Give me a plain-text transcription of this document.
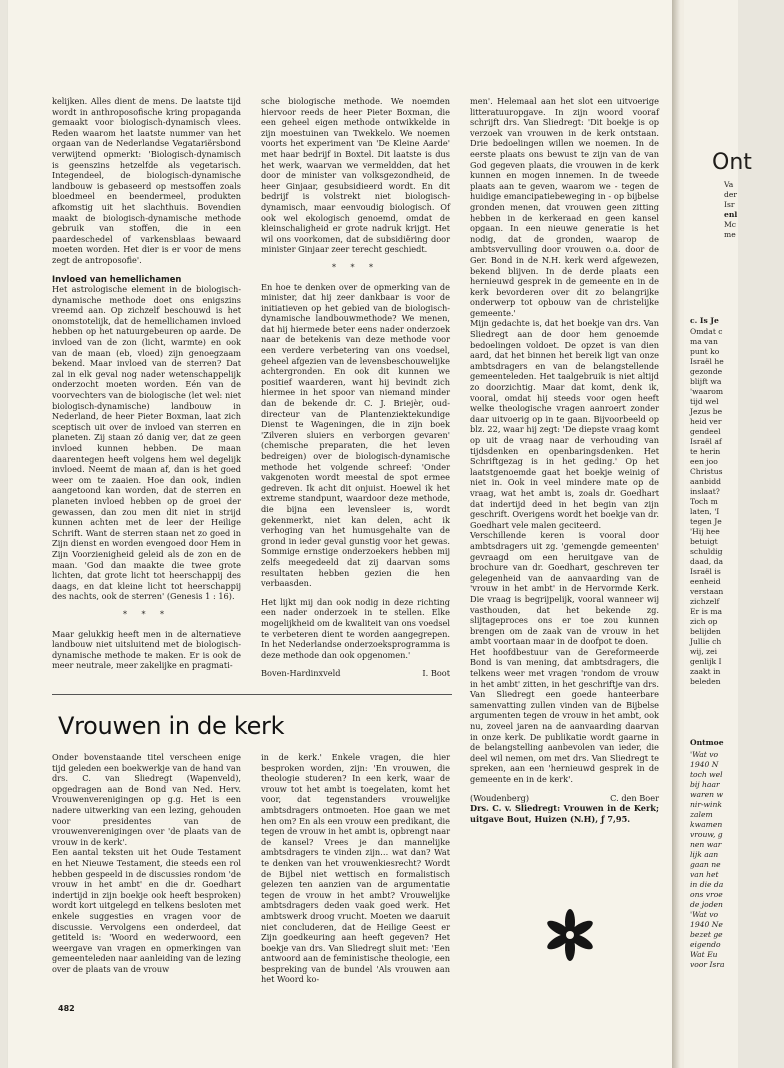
kelijken. Alles dient de mens. De laatste tijd wordt in anthroposofische kring propaganda gemaakt voor biologisch-dynamisch vlees. Reden waarom het laatste nummer van het orgaan van de Nederlandse Vegatariërsbond verwijtend opmerkt: 'Biologisch-dynamisch is geenszins hetzelfde als vegetarisch. Integendeel, de biologisch-dynamische landbouw is gebaseerd op mestsoffen zoals bloedmeel en beendermeel, produkten afkomstig uit het slachthuis. Bovendien maakt de biologisch-dynamische methode gebruik van stoffen, die in een paardeschedel of varkensblaas bewaard moeten worden. Het dier is er voor de mens zegt de antroposofie'.

Invloed van hemellichamen

Het astrologische element in de biologisch-dynamische methode doet ons enigszins vreemd aan. Op zichzelf beschouwd is het onomstotelijk, dat de hemellichamen invloed hebben op het natuurgebeuren op aarde. De invloed van de zon (licht, warmte) en ook van de maan (eb, vloed) zijn genoegzaam bekend. Maar invloed van de sterren? Dat zal in elk geval nog nader wetenschappelijk onderzocht moeten worden. Eén van de voorvechters van de biologische (let wel: niet biologisch-dynamische) landbouw in Nederland, de heer Pieter Boxman, laat zich sceptisch uit over de invloed van sterren en planeten. Zij staan zó danig ver, dat ze geen invloed kunnen hebben. De maan daarentegen heeft volgens hem wel degelijk invloed. Neemt de maan af, dan is het goed weer om te zaaien. Hoe dan ook, indien aangetoond kan worden, dat de sterren en planeten invloed hebben op de groei der gewassen, dan zou men dit niet in strijd kunnen achten met de leer der Heilige Schrift. Want de sterren staan net zo goed in Zijn dienst en worden evengoed door Hem in Zijn Voorzienigheid geleid als de zon en de maan. 'God dan maakte die twee grote lichten, dat grote licht tot heerschappij des daags, en dat kleine licht tot heerschappij des nachts, ook de sterren' (Genesis 1 : 16).

* * *

Maar gelukkig heeft men in de alternatieve landbouw niet uitsluitend met de biologisch-dynamische methode te maken. Er is ook de meer neutrale, meer zakelijke en pragmati-

sche biologische methode. We noemden hiervoor reeds de heer Pieter Boxman, die een geheel eigen methode ontwikkelde in zijn moestuinen van Twekkelo. We noemen voorts het experiment van 'De Kleine Aarde' met haar bedrijf in Boxtel. Dit laatste is dus het werk, waarvan we vermeldden, dat het door de minister van volksgezondheid, de heer Ginjaar, gesubsidieerd wordt. En dit bedrijf is volstrekt niet biologisch-dynamisch, maar eenvoudig biologisch. Of ook wel ekologisch genoemd, omdat de kleinschaligheid er grote nadruk krijgt. Het wil ons voorkomen, dat de subsidiëring door minister Ginjaar zeer terecht geschiedt.

* * *

En hoe te denken over de opmerking van de minister, dat hij zeer dankbaar is voor de initiatieven op het gebied van de biologisch-dynamische landbouwmethode? We menen, dat hij hiermede beter eens nader onderzoek naar de betekenis van deze methode voor een verdere verbetering van ons voedsel, geheel afgezien van de levensbeschouwelijke achtergronden. En ook dit kunnen we positief waarderen, want hij bevindt zich hiermee in het spoor van niemand minder dan de bekende dr. C. J. Briejèr, oud-directeur van de Plantenziektekundige Dienst te Wageningen, die in zijn boek 'Zilveren sluiers en verborgen gevaren' (chemische preparaten, die het leven bedreigen) over de biologisch-dynamische methode het volgende schreef: 'Onder vakgenoten wordt meestal de spot ermee gedreven. Ik acht dit onjuist. Hoewel ik het extreme standpunt, waardoor deze methode, die bijna een levensleer is, wordt gekenmerkt, niet kan delen, acht ik verhoging van het humusgehalte van de grond in ieder geval gunstig voor het gewas. Sommige ernstige onderzoekers hebben mij zelfs meegedeeld dat zij daarvan soms resultaten hebben gezien die hen verbaasden.

Het lijkt mij dan ook nodig in deze richting een nader onderzoek in te stellen. Elke mogelijkheid om de kwaliteit van ons voedsel te verbeteren dient te worden aangegrepen. In het Nederlandse onderzoeksprogramma is deze methode dan ook opgenomen.'

Boven-Hardinxveld	I. Boot

men'. Helemaal aan het slot een uitvoerige litteratuuropgave. In zijn woord vooraf schrijft drs. Van Sliedregt: 'Dit boekje is op verzoek van vrouwen in de kerk ontstaan. Drie bedoelingen willen we noemen. In de eerste plaats ons bewust te zijn van de van God gegeven plaats, die vrouwen in de kerk kunnen en mogen innemen. In de tweede plaats aan te geven, waarom we - tegen de huidige emancipatiebeweging in - op bijbelse gronden menen, dat vrouwen geen zitting hebben in de kerkeraad en geen kansel opgaan. In een nieuwe generatie is het nodig, dat de gronden, waarop de ambtsvervulling door vrouwen o.a. door de Ger. Bond in de N.H. kerk werd afgewezen, bekend blijven. In de derde plaats een hernieuwd gesprek in de gemeente en in de kerk bevorderen over dit zo belangrijke onderwerp tot opbouw van de christelijke gemeente.'

Mijn gedachte is, dat het boekje van drs. Van Sliedregt aan de door hem genoemde bedoelingen voldoet. De opzet is van dien aard, dat het binnen het bereik ligt van onze ambtsdragers en van de belangstellende gemeenteleden. Het taalgebruik is niet altijd zo doorzichtig. Maar dat komt, denk ik, vooral, omdat hij steeds voor ogen heeft welke theologische vragen aanroert zonder daar uitvoerig op in te gaan. Bijvoorbeeld op blz. 22, waar hij zegt: 'De diepste vraag komt op uit de vraag naar de verhouding van tijdsdenken en openbaringsdenken. Het Schriftgezag is in het geding.' Op het laatstgenoemde gaat het boekje weinig of niet in. Ook in veel mindere mate op de vraag, wat het ambt is, zoals dr. Goedhart dat indertijd deed in het begin van zijn geschrift. Overigens wordt het boekje van dr. Goedhart vele malen geciteerd.

Verschillende keren is vooral door ambtsdragers uit zg. 'gemengde gemeenten' gevraagd om een heruitgave van de brochure van dr. Goedhart, geschreven ter gelegenheid van de aanvaarding van de 'vrouw in het ambt' in de Hervormde Kerk. Die vraag is begrijpelijk, vooral wanneer wij vasthouden, dat het bekende zg. slijtageproces ons er toe zou kunnen brengen om de zaak van de vrouw in het ambt voortaan maar in de doofpot te doen.

Het hoofdbestuur van de Gereformeerde Bond is van mening, dat ambtsdragers, die telkens weer met vragen 'rondom de vrouw in het ambt' zitten, in het geschriftje van drs. Van Sliedregt een goede hanteerbare samenvatting zullen vinden van de Bijbelse argumenten tegen de vrouw in het ambt, ook nu, zoveel jaren na de aanvaarding daarvan in onze kerk. De publikatie wordt gaarne in de belangstelling aanbevolen van ieder, die deel wil nemen, om met drs. Van Sliedregt te spreken, aan een 'hernieuwd gesprek in de gemeente en in de kerk'.

(Woudenberg)	C. den Boer

Drs. C. v. Sliedregt: Vrouwen in de Kerk; uitgave Bout, Huizen (N.H), ƒ 7,95.

Vrouwen in de kerk

Onder bovenstaande titel verscheen enige tijd geleden een boekwerkje van de hand van drs. C. van Sliedregt (Wapenveld), opgedragen aan de Bond van Ned. Herv. Vrouwenverenigingen op g.g. Het is een nadere uitwerking van een lezing, gehouden voor presidentes van de vrouwenverenigingen over 'de plaats van de vrouw in de kerk'.

Een aantal teksten uit het Oude Testament en het Nieuwe Testament, die steeds een rol hebben gespeeld in de discussies rondom 'de vrouw in het ambt' en die dr. Goedhart indertijd in zijn boekje ook heeft besproken) wordt kort uitgelegd en telkens besloten met enkele suggesties en vragen voor de discussie. Vervolgens een onderdeel, dat getiteld is: 'Woord en wederwoord, een weergave van vragen en opmerkingen van gemeenteleden naar aanleiding van de lezing over de plaats van de vrouw

in de kerk.' Enkele vragen, die hier besproken worden, zijn: 'En vrouwen, die theologie studeren? In een kerk, waar de vrouw tot het ambt is toegelaten, komt het voor, dat tegenstanders vrouwelijke ambtsdragers ontmoeten. Hoe gaan we met hen om? En als een vrouw een predikant, die tegen de vrouw in het ambt is, opbrengt naar de kansel? Vrees je dan mannelijke ambtsdragers te vinden zijn… wat dan? Wat te denken van het vrouwenkiesrecht? Wordt de Bijbel niet wettisch en formalistisch gelezen ten aanzien van de argumentatie tegen de vrouw in het ambt? Vrouwelijke ambtsdragers deden vaak goed werk. Het ambtswerk droog vrucht. Moeten we daaruit niet concluderen, dat de Heilige Geest er Zijn goedkeuring aan heeft gegeven? Het boekje van drs. Van Sliedregt sluit met: 'Een antwoord aan de feministische theologie, een bespreking van de bundel 'Als vrouwen aan het Woord ko-

482
Ont
Va
der
Isr
enl
Mc
me
c. Is Je
Omdat c
ma van
punt ko
Israël he
gezonde
blijft wa
'waarom
tijd wel
Jezus be
heid ver
gendeel
Israël af
te herin
een joo
Christus
aanbidd
inslaat?
Toch m
laten, 'I
tegen Je
'Hij hee
betuigt
schuldig
daad, da
Israël is
eenheid
verstaan
zichzelf
Er is ma
zich op
belijden
Jullie ch
wij, zei
genlijk I
zaakt in
beleden
Ontmoe
'Wat vo
1940 N
toch wel
bij haar
waren w
nir-wink
zalem
kwamen
vrouw, g
nen war
lijk aan
gaan ne
van het
in die da
ons vroe
de joden
'Wat vo
1940 Ne
bezet ge
eigendo
Wat Eu
voor Isra
